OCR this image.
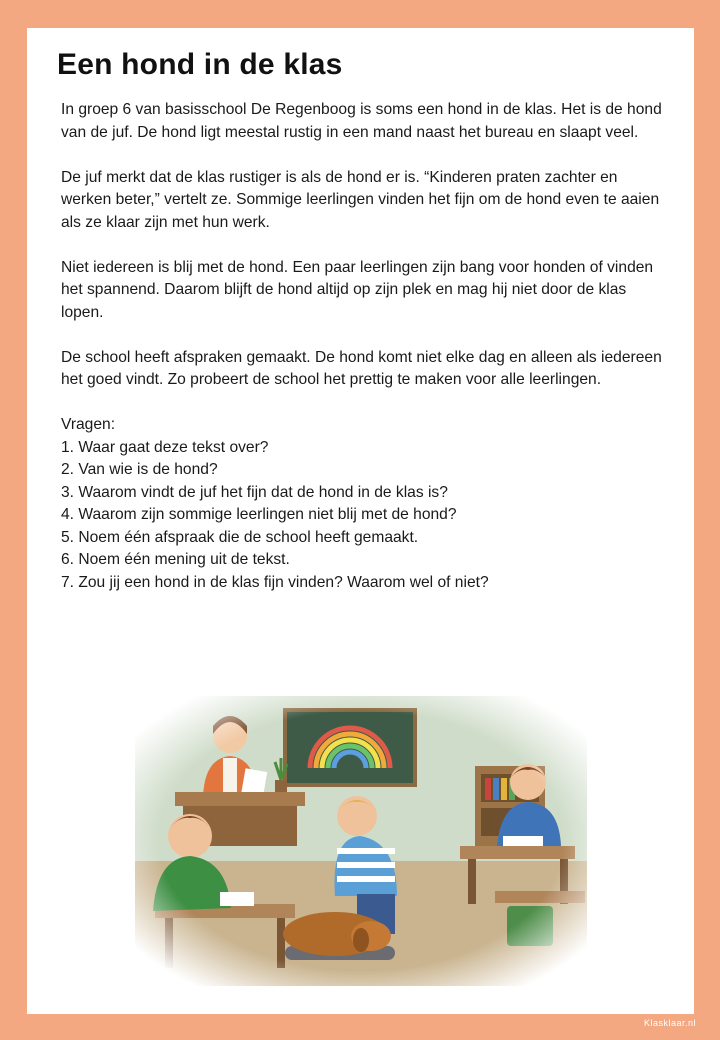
Een hond in de klas

In groep 6 van basisschool De Regenboog is soms een hond in de klas. Het is de hond van de juf. De hond ligt meestal rustig in een mand naast het bureau en slaapt veel.

De juf merkt dat de klas rustiger is als de hond er is. “Kinderen praten zachter en werken beter,” vertelt ze. Sommige leerlingen vinden het fijn om de hond even te aaien als ze klaar zijn met hun werk.

Niet iedereen is blij met de hond. Een paar leerlingen zijn bang voor honden of vinden het spannend. Daarom blijft de hond altijd op zijn plek en mag hij niet door de klas lopen.

De school heeft afspraken gemaakt. De hond komt niet elke dag en alleen als iedereen het goed vindt. Zo probeert de school het prettig te maken voor alle leerlingen.

Vragen:
1. Waar gaat deze tekst over?
2. Van wie is de hond?
3. Waarom vindt de juf het fijn dat de hond in de klas is?
4. Waarom zijn sommige leerlingen niet blij met de hond?
5. Noem één afspraak die de school heeft gemaakt.
6. Noem één mening uit de tekst.
7. Zou jij een hond in de klas fijn vinden? Waarom wel of niet?
Klasklaar.nl
